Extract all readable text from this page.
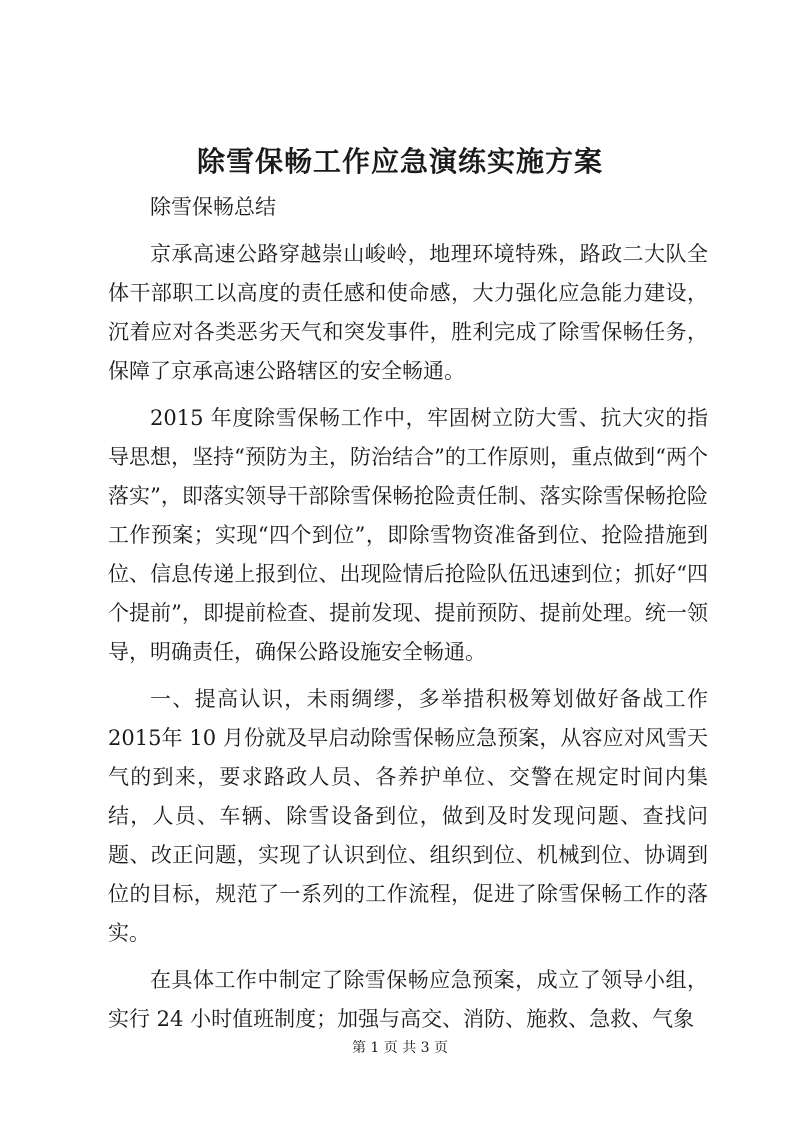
除雪保畅工作应急演练实施方案

除雪保畅总结

京承高速公路穿越崇山峻岭，地理环境特殊，路政二大队全体干部职工以高度的责任感和使命感，大力强化应急能力建设，沉着应对各类恶劣天气和突发事件，胜利完成了除雪保畅任务，保障了京承高速公路辖区的安全畅通。

2015 年度除雪保畅工作中，牢固树立防大雪、抗大灾的指导思想，坚持“预防为主，防治结合”的工作原则，重点做到“两个落实”，即落实领导干部除雪保畅抢险责任制、落实除雪保畅抢险工作预案；实现“四个到位”，即除雪物资准备到位、抢险措施到位、信息传递上报到位、出现险情后抢险队伍迅速到位；抓好“四个提前”，即提前检查、提前发现、提前预防、提前处理。统一领导，明确责任，确保公路设施安全畅通。

一、提高认识，未雨绸缪，多举措积极筹划做好备战工作2015年 10 月份就及早启动除雪保畅应急预案，从容应对风雪天气的到来，要求路政人员、各养护单位、交警在规定时间内集结，人员、车辆、除雪设备到位，做到及时发现问题、查找问题、改正问题，实现了认识到位、组织到位、机械到位、协调到位的目标，规范了一系列的工作流程，促进了除雪保畅工作的落实。

在具体工作中制定了除雪保畅应急预案，成立了领导小组，实行 24 小时值班制度；加强与高交、消防、施救、急救、气象

第 1 页 共 3 页
